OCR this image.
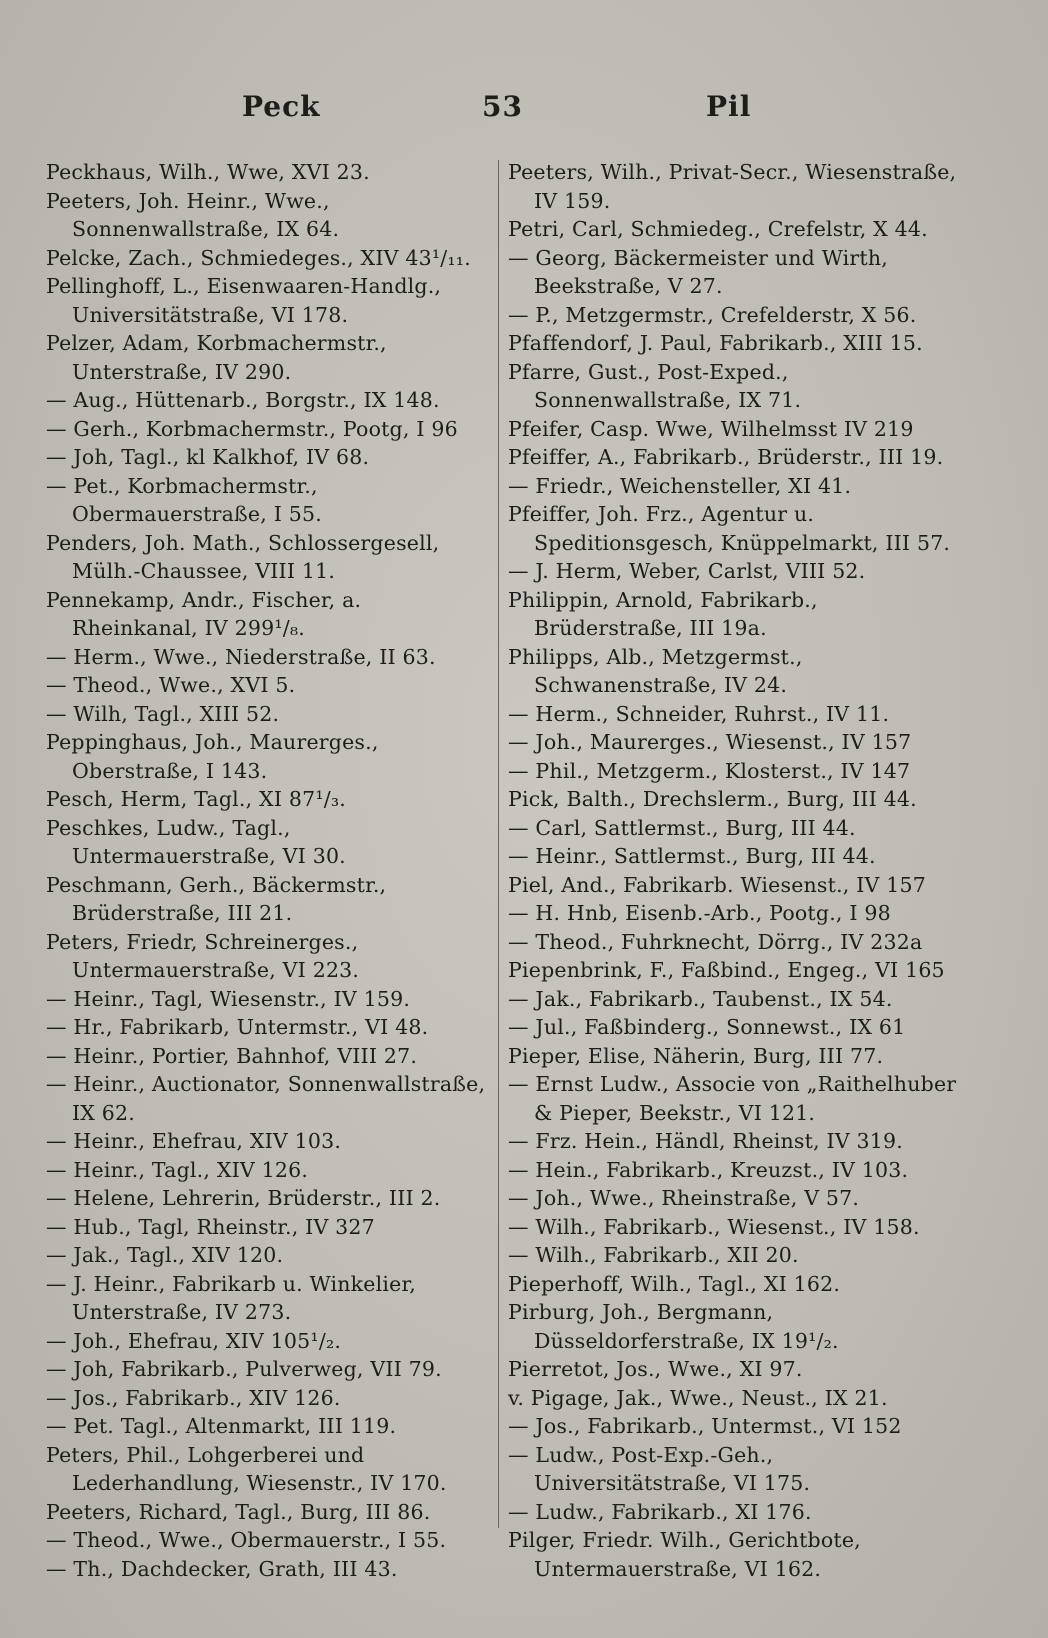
Peck	53	Pil
Peckhaus, Wilh., Wwe, XVI 23.
Peeters, Joh. Heinr., Wwe., Sonnenwallstraße, IX 64.
Pelcke, Zach., Schmiedeges., XIV 43¹/₁₁.
Pellinghoff, L., Eisenwaaren-Handlg., Universitätstraße, VI 178.
Pelzer, Adam, Korbmachermstr., Unterstraße, IV 290.
— Aug., Hüttenarb., Borgstr., IX 148.
— Gerh., Korbmachermstr., Pootg, I 96
— Joh, Tagl., kl Kalkhof, IV 68.
— Pet., Korbmachermstr., Obermauerstraße, I 55.
Penders, Joh. Math., Schlossergesell, Mülh.-Chaussee, VIII 11.
Pennekamp, Andr., Fischer, a. Rheinkanal, IV 299¹/₈.
— Herm., Wwe., Niederstraße, II 63.
— Theod., Wwe., XVI 5.
— Wilh, Tagl., XIII 52.
Peppinghaus, Joh., Maurerges., Oberstraße, I 143.
Pesch, Herm, Tagl., XI 87¹/₃.
Peschkes, Ludw., Tagl., Untermauerstraße, VI 30.
Peschmann, Gerh., Bäckermstr., Brüderstraße, III 21.
Peters, Friedr, Schreinerges., Untermauerstraße, VI 223.
— Heinr., Tagl, Wiesenstr., IV 159.
— Hr., Fabrikarb, Untermstr., VI 48.
— Heinr., Portier, Bahnhof, VIII 27.
— Heinr., Auctionator, Sonnenwallstraße, IX 62.
— Heinr., Ehefrau, XIV 103.
— Heinr., Tagl., XIV 126.
— Helene, Lehrerin, Brüderstr., III 2.
— Hub., Tagl, Rheinstr., IV 327
— Jak., Tagl., XIV 120.
— J. Heinr., Fabrikarb u. Winkelier, Unterstraße, IV 273.
— Joh., Ehefrau, XIV 105¹/₂.
— Joh, Fabrikarb., Pulverweg, VII 79.
— Jos., Fabrikarb., XIV 126.
— Pet. Tagl., Altenmarkt, III 119.
Peters, Phil., Lohgerberei und Lederhandlung, Wiesenstr., IV 170.
Peeters, Richard, Tagl., Burg, III 86.
— Theod., Wwe., Obermauerstr., I 55.
— Th., Dachdecker, Grath, III 43.
Peeters, Wilh., Privat-Secr., Wiesenstraße, IV 159.
Petri, Carl, Schmiedeg., Crefelstr, X 44.
— Georg, Bäckermeister und Wirth, Beekstraße, V 27.
— P., Metzgermstr., Crefelderstr, X 56.
Pfaffendorf, J. Paul, Fabrikarb., XIII 15.
Pfarre, Gust., Post-Exped., Sonnenwallstraße, IX 71.
Pfeifer, Casp. Wwe, Wilhelmsst IV 219
Pfeiffer, A., Fabrikarb., Brüderstr., III 19.
— Friedr., Weichensteller, XI 41.
Pfeiffer, Joh. Frz., Agentur u. Speditionsgesch, Knüppelmarkt, III 57.
— J. Herm, Weber, Carlst, VIII 52.
Philippin, Arnold, Fabrikarb., Brüderstraße, III 19a.
Philipps, Alb., Metzgermst., Schwanenstraße, IV 24.
— Herm., Schneider, Ruhrst., IV 11.
— Joh., Maurerges., Wiesenst., IV 157
— Phil., Metzgerm., Klosterst., IV 147
Pick, Balth., Drechslerm., Burg, III 44.
— Carl, Sattlermst., Burg, III 44.
— Heinr., Sattlermst., Burg, III 44.
Piel, And., Fabrikarb. Wiesenst., IV 157
— H. Hnb, Eisenb.-Arb., Pootg., I 98
— Theod., Fuhrknecht, Dörrg., IV 232a
Piepenbrink, F., Faßbind., Engeg., VI 165
— Jak., Fabrikarb., Taubenst., IX 54.
— Jul., Faßbinderg., Sonnewst., IX 61
Pieper, Elise, Näherin, Burg, III 77.
— Ernst Ludw., Associe von „Raithelhuber & Pieper, Beekstr., VI 121.
— Frz. Hein., Händl, Rheinst, IV 319.
— Hein., Fabrikarb., Kreuzst., IV 103.
— Joh., Wwe., Rheinstraße, V 57.
— Wilh., Fabrikarb., Wiesenst., IV 158.
— Wilh., Fabrikarb., XII 20.
Pieperhoff, Wilh., Tagl., XI 162.
Pirburg, Joh., Bergmann, Düsseldorferstraße, IX 19¹/₂.
Pierretot, Jos., Wwe., XI 97.
v. Pigage, Jak., Wwe., Neust., IX 21.
— Jos., Fabrikarb., Untermst., VI 152
— Ludw., Post-Exp.-Geh., Universitätstraße, VI 175.
— Ludw., Fabrikarb., XI 176.
Pilger, Friedr. Wilh., Gerichtbote, Untermauerstraße, VI 162.
